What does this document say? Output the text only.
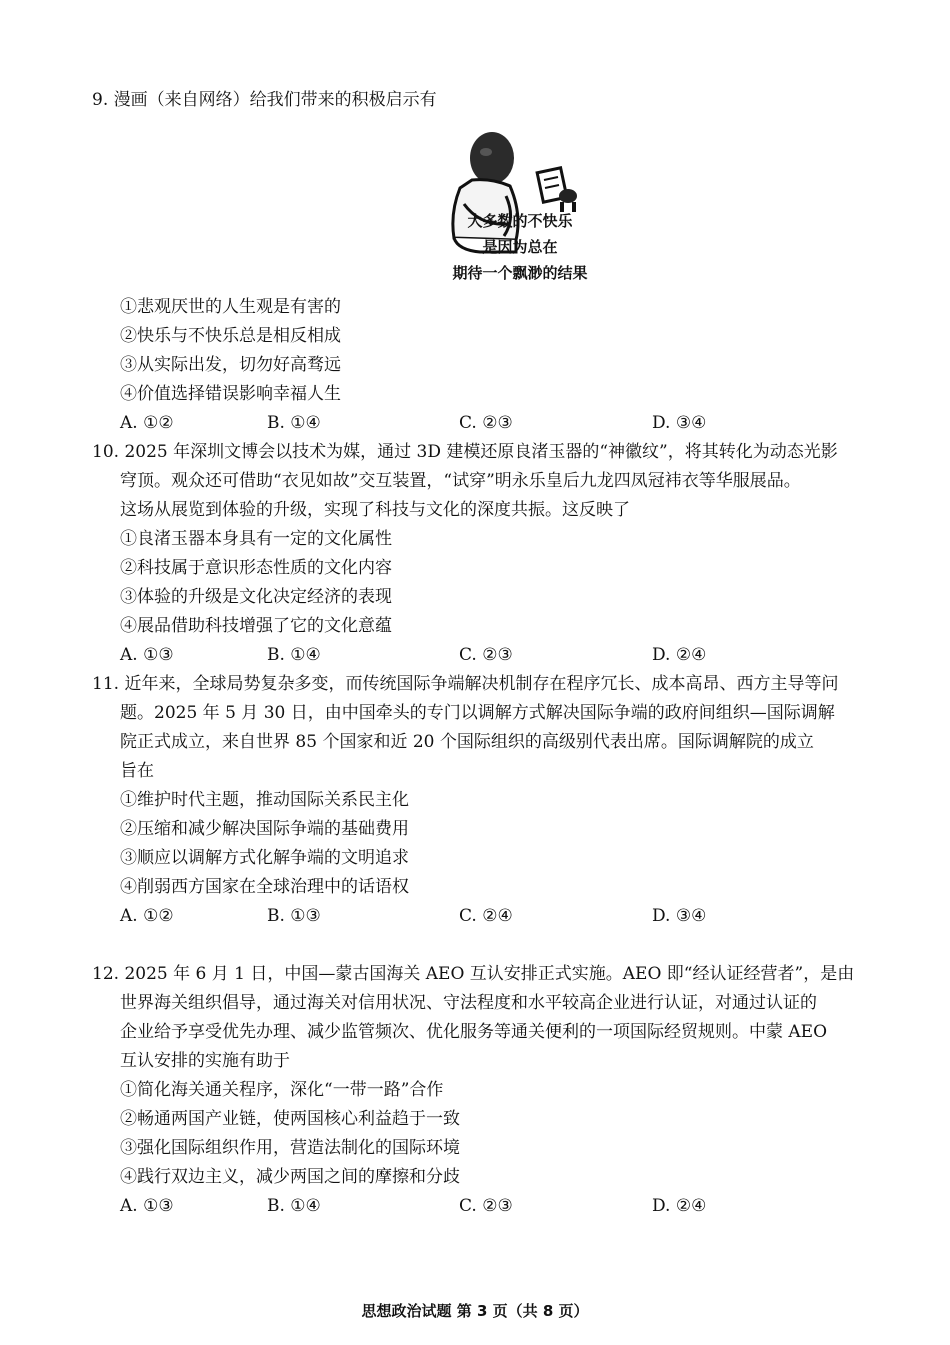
9. 漫画（来自网络）给我们带来的积极启示有
大多数的不快乐
是因为总在
期待一个飘渺的结果
①悲观厌世的人生观是有害的
②快乐与不快乐总是相反相成
③从实际出发，切勿好高骛远
④价值选择错误影响幸福人生
A. ①②	B. ①④	C. ②③	D. ③④
10. 2025 年深圳文博会以技术为媒，通过 3D 建模还原良渚玉器的“神徽纹”，将其转化为动态光影
穹顶。观众还可借助“衣见如故”交互装置，“试穿”明永乐皇后九龙四凤冠袆衣等华服展品。
这场从展览到体验的升级，实现了科技与文化的深度共振。这反映了
①良渚玉器本身具有一定的文化属性
②科技属于意识形态性质的文化内容
③体验的升级是文化决定经济的表现
④展品借助科技增强了它的文化意蕴
A. ①③	B. ①④	C. ②③	D. ②④
11. 近年来，全球局势复杂多变，而传统国际争端解决机制存在程序冗长、成本高昂、西方主导等问
题。2025 年 5 月 30 日，由中国牵头的专门以调解方式解决国际争端的政府间组织—国际调解
院正式成立，来自世界 85 个国家和近 20 个国际组织的高级别代表出席。国际调解院的成立
旨在
①维护时代主题，推动国际关系民主化
②压缩和减少解决国际争端的基础费用
③顺应以调解方式化解争端的文明追求
④削弱西方国家在全球治理中的话语权
A. ①②	B. ①③	C. ②④	D. ③④
12. 2025 年 6 月 1 日，中国—蒙古国海关 AEO 互认安排正式实施。AEO 即“经认证经营者”，是由
世界海关组织倡导，通过海关对信用状况、守法程度和水平较高企业进行认证，对通过认证的
企业给予享受优先办理、减少监管频次、优化服务等通关便利的一项国际经贸规则。中蒙 AEO
互认安排的实施有助于
①简化海关通关程序，深化“一带一路”合作
②畅通两国产业链，使两国核心利益趋于一致
③强化国际组织作用，营造法制化的国际环境
④践行双边主义，减少两国之间的摩擦和分歧
A. ①③	B. ①④	C. ②③	D. ②④
思想政治试题 第 3 页（共 8 页）
